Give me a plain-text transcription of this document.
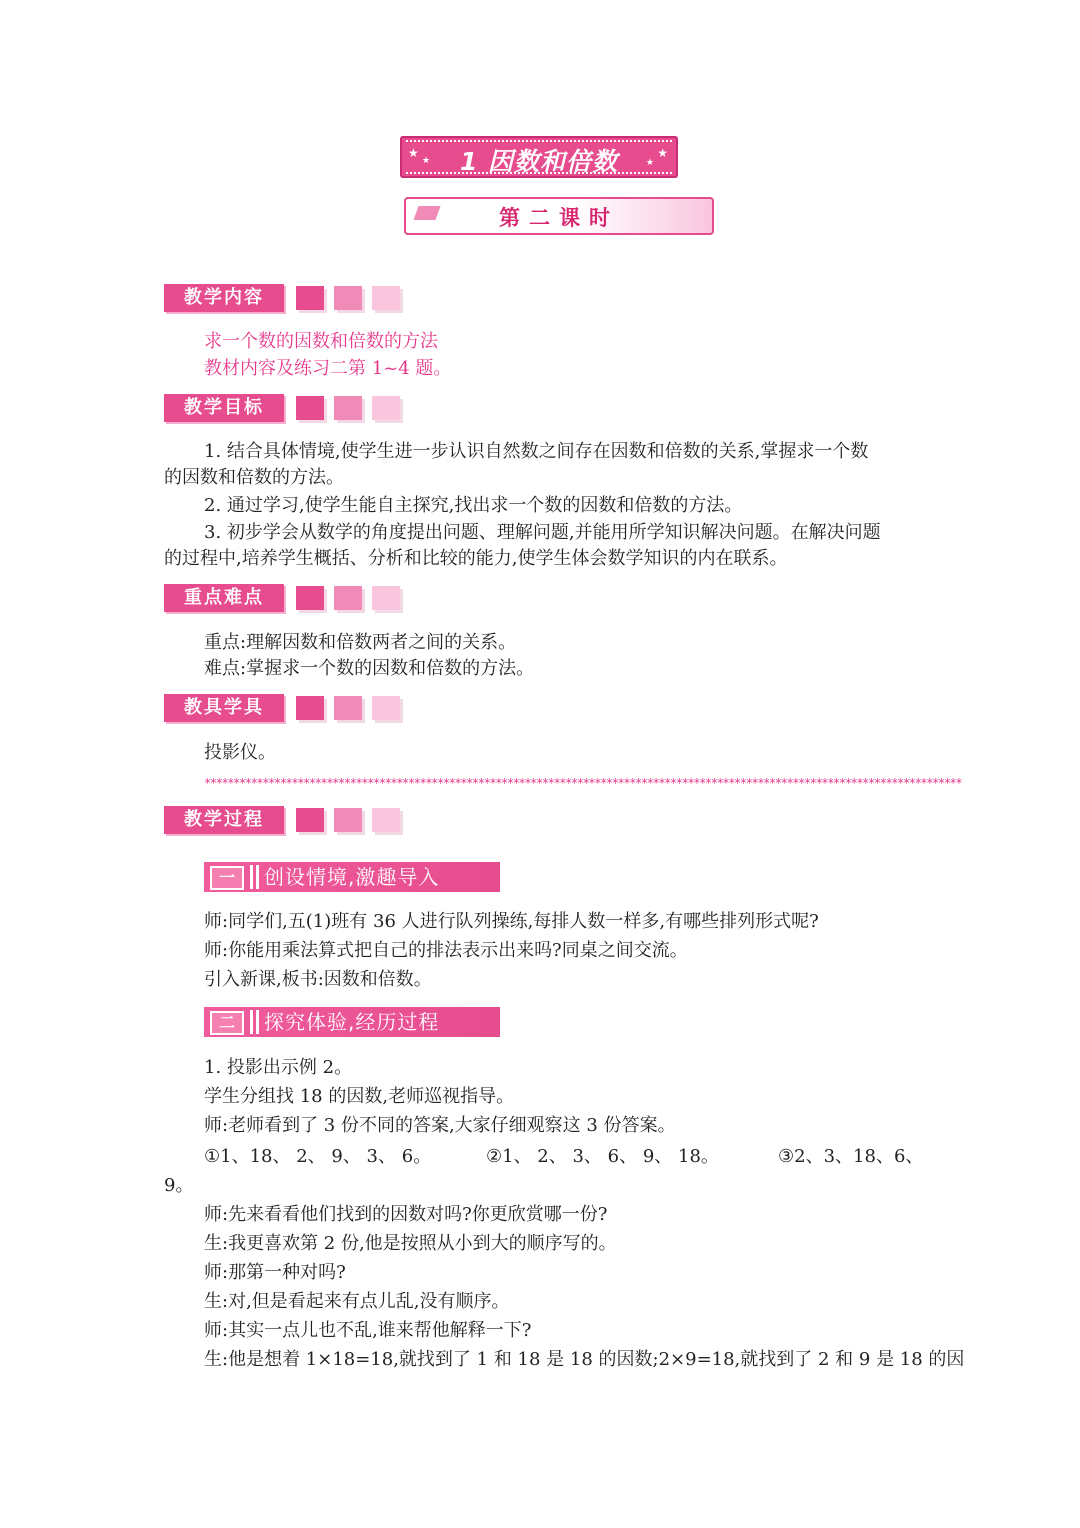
★
★
★
★
1 因数和倍数
第二课时
教学内容
求一个数的因数和倍数的方法
教材内容及练习二第 1~4 题。
教学目标
1. 结合具体情境,使学生进一步认识自然数之间存在因数和倍数的关系,掌握求一个数
的因数和倍数的方法。
2. 通过学习,使学生能自主探究,找出求一个数的因数和倍数的方法。
3. 初步学会从数学的角度提出问题、理解问题,并能用所学知识解决问题。在解决问题
的过程中,培养学生概括、分析和比较的能力,使学生体会数学知识的内在联系。
重点难点
重点:理解因数和倍数两者之间的关系。
难点:掌握求一个数的因数和倍数的方法。
教具学具
投影仪。
**********************************************************************************************************************************
教学过程
一	创设情境,激趣导入
师:同学们,五(1)班有 36 人进行队列操练,每排人数一样多,有哪些排列形式呢?
师:你能用乘法算式把自己的排法表示出来吗?同桌之间交流。
引入新课,板书:因数和倍数。
二	探究体验,经历过程
1. 投影出示例 2。
学生分组找 18 的因数,老师巡视指导。
师:老师看到了 3 份不同的答案,大家仔细观察这 3 份答案。
①1、18、 2、 9、 3、 6。	②1、 2、 3、 6、 9、 18。	③2、3、18、6、
9。
师:先来看看他们找到的因数对吗?你更欣赏哪一份?
生:我更喜欢第 2 份,他是按照从小到大的顺序写的。
师:那第一种对吗?
生:对,但是看起来有点儿乱,没有顺序。
师:其实一点儿也不乱,谁来帮他解释一下?
生:他是想着 1×18=18,就找到了 1 和 18 是 18 的因数;2×9=18,就找到了 2 和 9 是 18 的因
